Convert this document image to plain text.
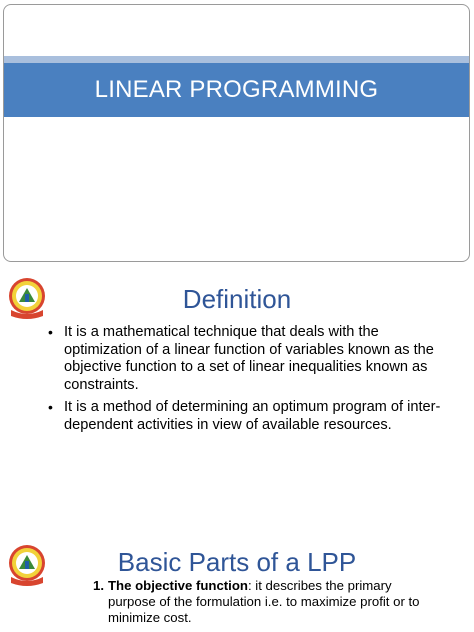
LINEAR PROGRAMMING
Definition
• It is a mathematical technique that deals with the optimization of a linear function of variables known as the objective function to a set of linear inequalities known as constraints.
• It is a method of determining an optimum program of inter-dependent activities in view of available resources.
Basic Parts of a LPP
1. The objective function: it describes the primary purpose of the formulation i.e. to maximize profit or to minimize cost.
